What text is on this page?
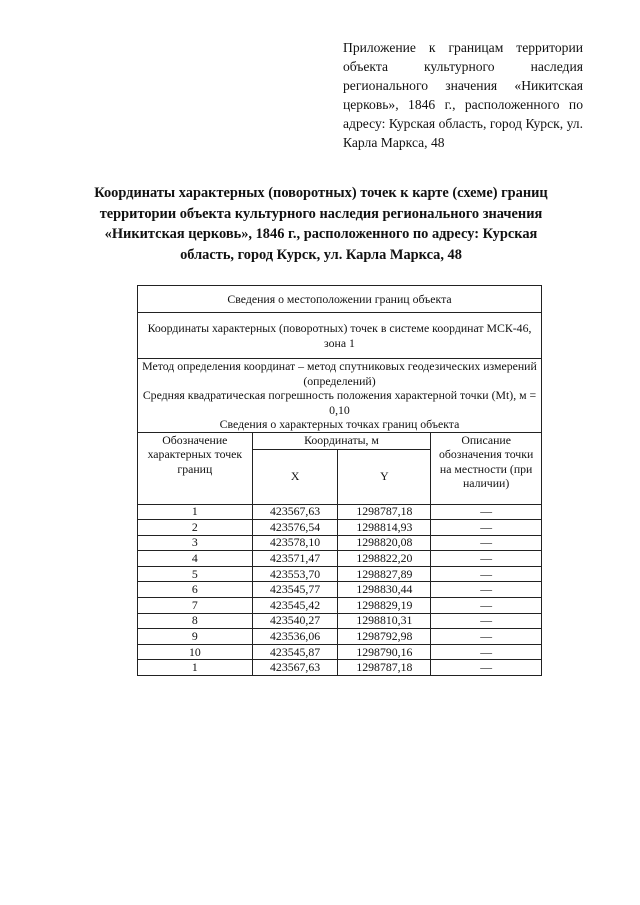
Приложение к границам территории объекта культурного наследия регионального значения «Никитская церковь», 1846 г., расположенного по адресу: Курская область, город Курск, ул. Карла Маркса, 48
Координаты характерных (поворотных) точек к карте (схеме) границ территории объекта культурного наследия регионального значения «Никитская церковь», 1846 г., расположенного по адресу: Курская область, город Курск, ул. Карла Маркса, 48
Сведения о местоположении границ объекта			
Координаты характерных (поворотных) точек в системе координат МСК-46, зона 1			

Метод определения координат – метод спутниковых геодезических измерений (определений)
Средняя квадратическая погрешность положения характерной точки (Mt), м = 0,10
Сведения о характерных точках границ объекта			

Обозначение характерных точек границ	Координаты, м		Описание обозначения точки на местности (при наличии)
	X	Y	
1	423567,63	1298787,18	—
2	423576,54	1298814,93	—
3	423578,10	1298820,08	—
4	423571,47	1298822,20	—
5	423553,70	1298827,89	—
6	423545,77	1298830,44	—
7	423545,42	1298829,19	—
8	423540,27	1298810,31	—
9	423536,06	1298792,98	—
10	423545,87	1298790,16	—
1	423567,63	1298787,18	—
